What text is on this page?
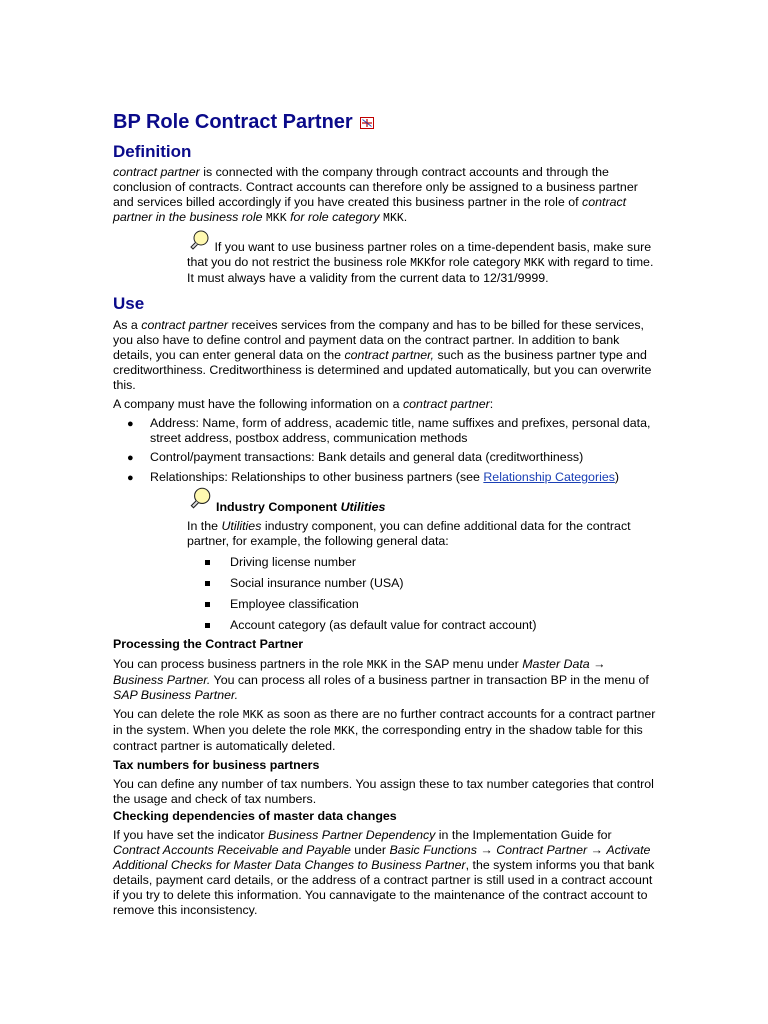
BP Role Contract Partner
Definition

contract partner is connected with the company through contract accounts and through the conclusion of contracts. Contract accounts can therefore only be assigned to a business partner and services billed accordingly if you have created this business partner in the role of contract partner in the business role MKK for role category MKK.

If you want to use business partner roles on a time-dependent basis, make sure that you do not restrict the business role MKKfor role category MKK with regard to time. It must always have a validity from the current data to 12/31/9999.

Use

As a contract partner receives services from the company and has to be billed for these services, you also have to define control and payment data on the contract partner. In addition to bank details, you can enter general data on the contract partner, such as the business partner type and creditworthiness. Creditworthiness is determined and updated automatically, but you can overwrite this.

A company must have the following information on a contract partner:

● Address: Name, form of address, academic title, name suffixes and prefixes, personal data, street address, postbox address, communication methods

● Control/payment transactions: Bank details and general data (creditworthiness)

● Relationships: Relationships to other business partners (see Relationship Categories)

Industry Component Utilities

In the Utilities industry component, you can define additional data for the contract partner, for example, the following general data:

Driving license number
Social insurance number (USA)
Employee classification
Account category (as default value for contract account)
Processing the Contract Partner

You can process business partners in the role MKK in the SAP menu under Master Data → Business Partner. You can process all roles of a business partner in transaction BP in the menu of SAP Business Partner.

You can delete the role MKK as soon as there are no further contract accounts for a contract partner in the system. When you delete the role MKK, the corresponding entry in the shadow table for this contract partner is automatically deleted.

Tax numbers for business partners

You can define any number of tax numbers. You assign these to tax number categories that control the usage and check of tax numbers.

Checking dependencies of master data changes

If you have set the indicator Business Partner Dependency in the Implementation Guide for Contract Accounts Receivable and Payable under Basic Functions → Contract Partner → Activate Additional Checks for Master Data Changes to Business Partner, the system informs you that bank details, payment card details, or the address of a contract partner is still used in a contract account if you try to delete this information. You cannavigate to the maintenance of the contract account to remove this inconsistency.
